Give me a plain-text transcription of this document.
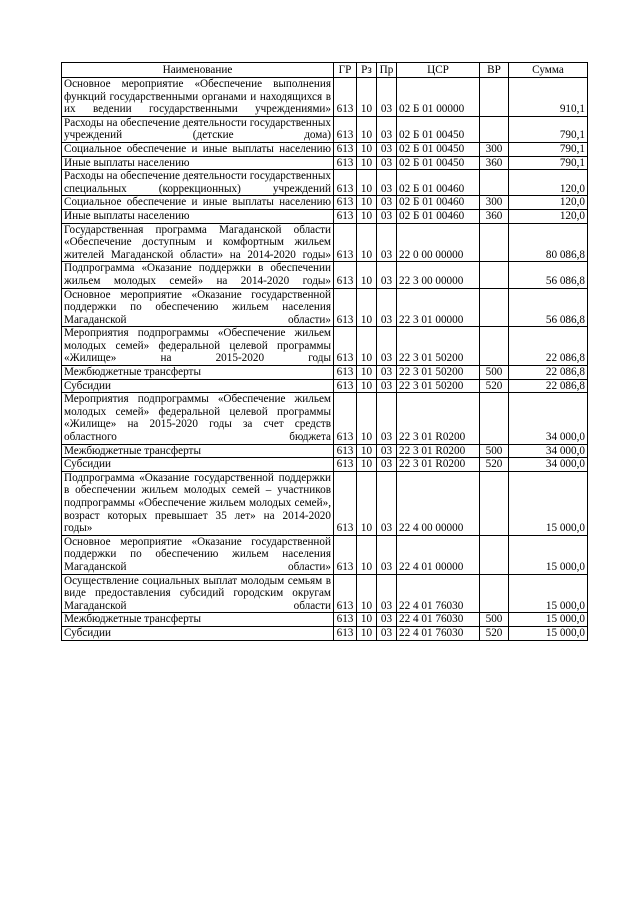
Наименование	ГР	Рз	Пр	ЦСР	ВР	Сумма
Основное мероприятие «Обеспечение выполнения функций государственными органами и находящихся в их ведении государственными учреждениями»	613	10	03	02 Б 01 00000		910,1
Расходы на обеспечение деятельности государственных учреждений (детские дома)	613	10	03	02 Б 01 00450		790,1
Социальное обеспечение и иные выплаты населению	613	10	03	02 Б 01 00450	300	790,1
Иные выплаты населению	613	10	03	02 Б 01 00450	360	790,1
Расходы на обеспечение деятельности государственных специальных (коррекционных) учреждений	613	10	03	02 Б 01 00460		120,0
Социальное обеспечение и иные выплаты населению	613	10	03	02 Б 01 00460	300	120,0
Иные выплаты населению	613	10	03	02 Б 01 00460	360	120,0
Государственная программа Магаданской области «Обеспечение доступным и комфортным жильем жителей Магаданской области» на 2014-2020 годы»	613	10	03	22 0 00 00000		80 086,8
Подпрограмма «Оказание поддержки в обеспечении жильем молодых семей» на 2014-2020 годы»	613	10	03	22 3 00 00000		56 086,8
Основное мероприятие «Оказание государственной поддержки по обеспечению жильем населения Магаданской области»	613	10	03	22 3 01 00000		56 086,8
Мероприятия подпрограммы «Обеспечение жильем молодых семей» федеральной целевой программы «Жилище» на 2015-2020 годы	613	10	03	22 3 01 50200		22 086,8
Межбюджетные трансферты	613	10	03	22 3 01 50200	500	22 086,8
Субсидии	613	10	03	22 3 01 50200	520	22 086,8
Мероприятия подпрограммы «Обеспечение жильем молодых семей» федеральной целевой программы «Жилище» на 2015-2020 годы за счет средств областного бюджета	613	10	03	22 3 01 R0200		34 000,0
Межбюджетные трансферты	613	10	03	22 3 01 R0200	500	34 000,0
Субсидии	613	10	03	22 3 01 R0200	520	34 000,0
Подпрограмма «Оказание государственной поддержки в обеспечении жильем молодых семей – участников подпрограммы «Обеспечение жильем молодых семей», возраст которых превышает 35 лет» на 2014-2020 годы»	613	10	03	22 4 00 00000		15 000,0
Основное мероприятие «Оказание государственной поддержки по обеспечению жильем населения Магаданской области»	613	10	03	22 4 01 00000		15 000,0
Осуществление социальных выплат молодым семьям в виде предоставления субсидий городским округам Магаданской области	613	10	03	22 4 01 76030		15 000,0
Межбюджетные трансферты	613	10	03	22 4 01 76030	500	15 000,0
Субсидии	613	10	03	22 4 01 76030	520	15 000,0
